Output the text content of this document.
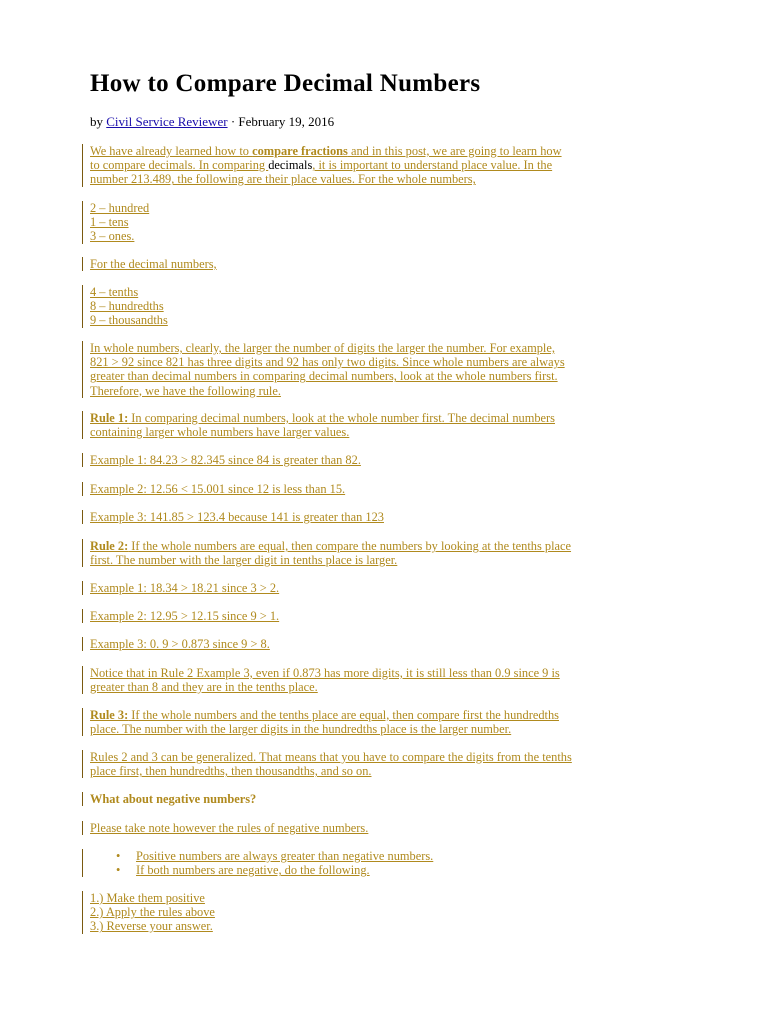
How to Compare Decimal Numbers
by Civil Service Reviewer · February 19, 2016
We have already learned how to compare fractions and in this post, we are going to learn how
to compare decimals. In comparing decimals, it is important to understand place value. In the
number 213.489, the following are their place values. For the whole numbers,
2 – hundred
1 – tens
3 – ones.
For the decimal numbers,
4 – tenths
8 – hundredths
9 – thousandths
In whole numbers, clearly, the larger the number of digits the larger the number. For example,
821 > 92 since 821 has three digits and 92 has only two digits. Since whole numbers are always
greater than decimal numbers in comparing decimal numbers, look at the whole numbers first.
Therefore, we have the following rule.
Rule 1: In comparing decimal numbers, look at the whole number first. The decimal numbers
containing larger whole numbers have larger values.
Example 1: 84.23 > 82.345 since 84 is greater than 82.
Example 2: 12.56 < 15.001 since 12 is less than 15.
Example 3: 141.85 > 123.4 because 141 is greater than 123
Rule 2: If the whole numbers are equal, then compare the numbers by looking at the tenths place
first. The number with the larger digit in tenths place is larger.
Example 1: 18.34 > 18.21 since 3 > 2.
Example 2: 12.95 > 12.15 since 9 > 1.
Example 3: 0. 9 > 0.873 since 9 > 8.
Notice that in Rule 2 Example 3, even if 0.873 has more digits, it is still less than 0.9 since 9 is
greater than 8 and they are in the tenths place.
Rule 3: If the whole numbers and the tenths place are equal, then compare first the hundredths
place. The number with the larger digits in the hundredths place is the larger number.
Rules 2 and 3 can be generalized. That means that you have to compare the digits from the tenths
place first, then hundredths, then thousandths, and so on.
What about negative numbers?
Please take note however the rules of negative numbers.
• Positive numbers are always greater than negative numbers.
• If both numbers are negative, do the following.
1.) Make them positive
2.) Apply the rules above
3.) Reverse your answer.
